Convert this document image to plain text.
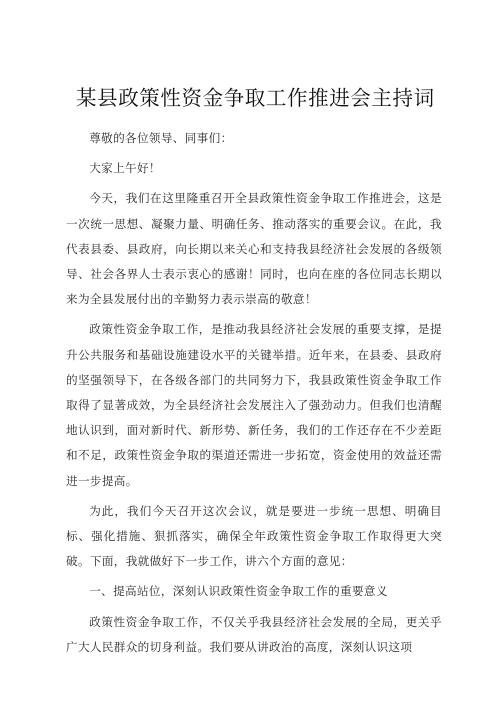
某县政策性资金争取工作推进会主持词

尊敬的各位领导、同事们：

大家上午好！

今天，我们在这里隆重召开全县政策性资金争取工作推进会，这是一次统一思想、凝聚力量、明确任务、推动落实的重要会议。在此，我代表县委、县政府，向长期以来关心和支持我县经济社会发展的各级领导、社会各界人士表示衷心的感谢！同时，也向在座的各位同志长期以来为全县发展付出的辛勤努力表示崇高的敬意！

政策性资金争取工作，是推动我县经济社会发展的重要支撑，是提升公共服务和基础设施建设水平的关键举措。近年来，在县委、县政府的坚强领导下，在各级各部门的共同努力下，我县政策性资金争取工作取得了显著成效，为全县经济社会发展注入了强劲动力。但我们也清醒地认识到，面对新时代、新形势、新任务，我们的工作还存在不少差距和不足，政策性资金争取的渠道还需进一步拓宽，资金使用的效益还需进一步提高。

为此，我们今天召开这次会议，就是要进一步统一思想、明确目标、强化措施、狠抓落实，确保全年政策性资金争取工作取得更大突破。下面，我就做好下一步工作，讲六个方面的意见：

一、提高站位，深刻认识政策性资金争取工作的重要意义

政策性资金争取工作，不仅关乎我县经济社会发展的全局，更关乎广大人民群众的切身利益。我们要从讲政治的高度，深刻认识这项
